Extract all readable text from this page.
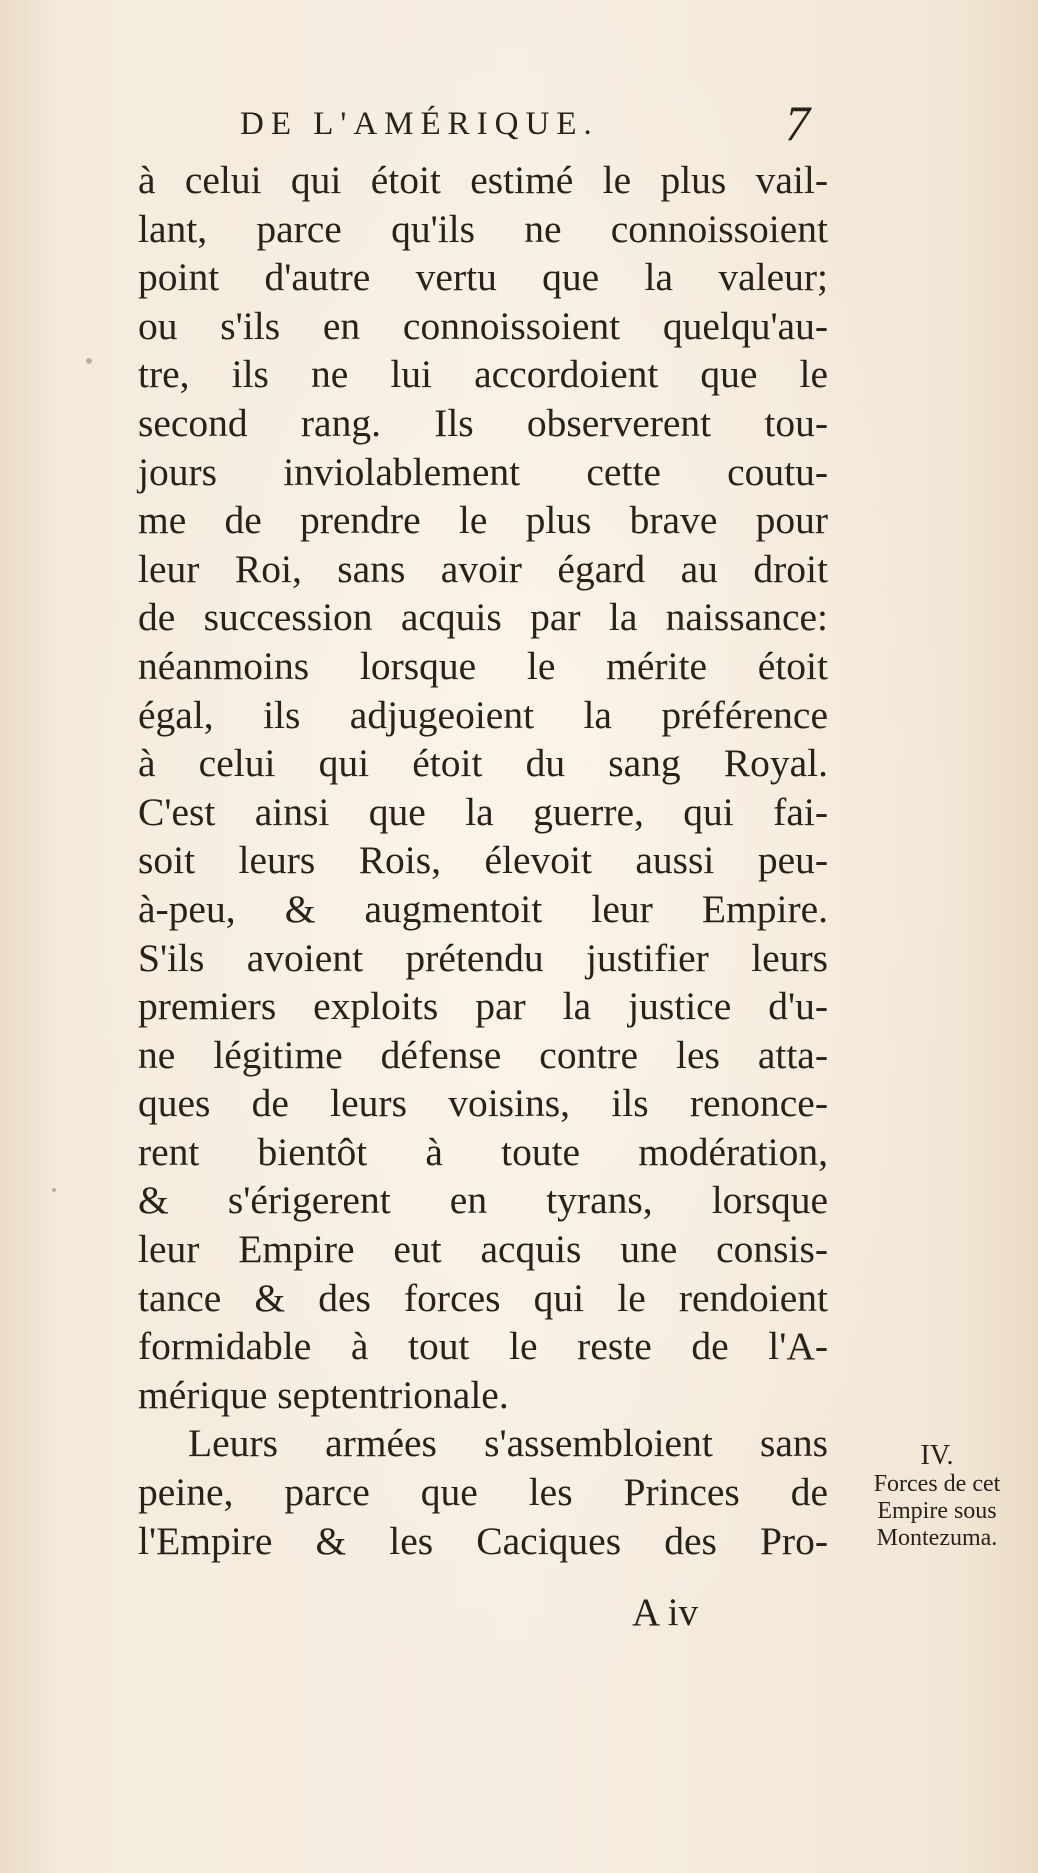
DE L'AMÉRIQUE.	7
à celui qui étoit estimé le plus vail-
lant, parce qu'ils ne connoissoient
point d'autre vertu que la valeur;
ou s'ils en connoissoient quelqu'au-
tre, ils ne lui accordoient que le
second rang. Ils observerent tou-
jours inviolablement cette coutu-
me de prendre le plus brave pour
leur Roi, sans avoir égard au droit
de succession acquis par la naissance:
néanmoins lorsque le mérite étoit
égal, ils adjugeoient la préférence
à celui qui étoit du sang Royal.
C'est ainsi que la guerre, qui fai-
soit leurs Rois, élevoit aussi peu-
à-peu, & augmentoit leur Empire.
S'ils avoient prétendu justifier leurs
premiers exploits par la justice d'u-
ne légitime défense contre les atta-
ques de leurs voisins, ils renonce-
rent bientôt à toute modération,
& s'érigerent en tyrans, lorsque
leur Empire eut acquis une consis-
tance & des forces qui le rendoient
formidable à tout le reste de l'A-
mérique septentrionale.
Leurs armées s'assembloient sans
peine, parce que les Princes de
l'Empire & les Caciques des Pro-
IV.
Forces de cet
Empire sous
Montezuma.
A iv
